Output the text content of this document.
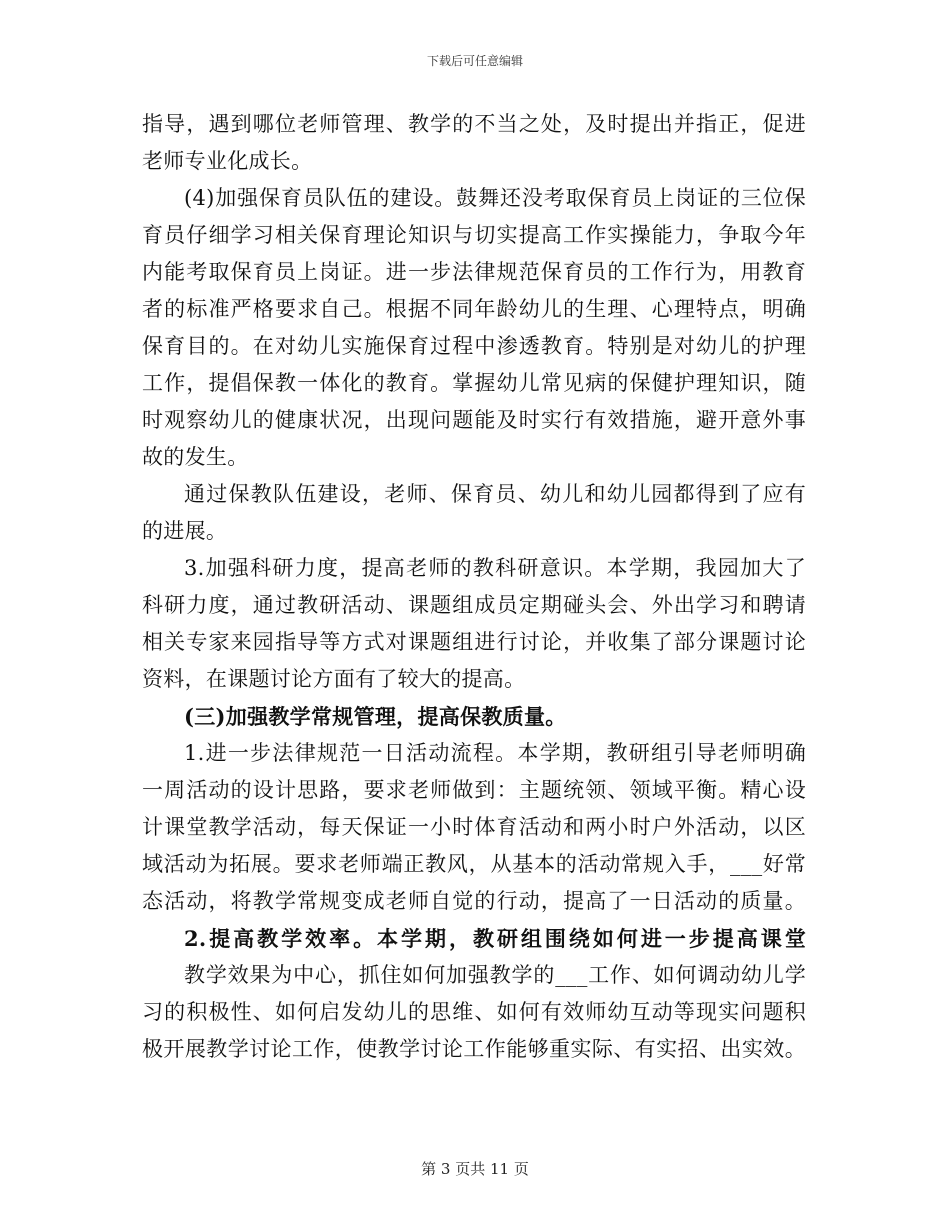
下载后可任意编辑
指导，遇到哪位老师管理、教学的不当之处，及时提出并指正，促进
老师专业化成长。
(4)加强保育员队伍的建设。鼓舞还没考取保育员上岗证的三位保
育员仔细学习相关保育理论知识与切实提高工作实操能力，争取今年
内能考取保育员上岗证。进一步法律规范保育员的工作行为，用教育
者的标准严格要求自己。根据不同年龄幼儿的生理、心理特点，明确
保育目的。在对幼儿实施保育过程中渗透教育。特别是对幼儿的护理
工作，提倡保教一体化的教育。掌握幼儿常见病的保健护理知识，随
时观察幼儿的健康状况，出现问题能及时实行有效措施，避开意外事
故的发生。
通过保教队伍建设，老师、保育员、幼儿和幼儿园都得到了应有
的进展。
3.加强科研力度，提高老师的教科研意识。本学期，我园加大了
科研力度，通过教研活动、课题组成员定期碰头会、外出学习和聘请
相关专家来园指导等方式对课题组进行讨论，并收集了部分课题讨论
资料，在课题讨论方面有了较大的提高。
(三)加强教学常规管理，提高保教质量。
1.进一步法律规范一日活动流程。本学期，教研组引导老师明确
一周活动的设计思路，要求老师做到：主题统领、领域平衡。精心设
计课堂教学活动，每天保证一小时体育活动和两小时户外活动，以区
域活动为拓展。要求老师端正教风，从基本的活动常规入手，___好常
态活动，将教学常规变成老师自觉的行动，提高了一日活动的质量。
2.提高教学效率。本学期，教研组围绕如何进一步提高课堂
教学效果为中心，抓住如何加强教学的___工作、如何调动幼儿学
习的积极性、如何启发幼儿的思维、如何有效师幼互动等现实问题积
极开展教学讨论工作，使教学讨论工作能够重实际、有实招、出实效。
第 3 页共 11 页
